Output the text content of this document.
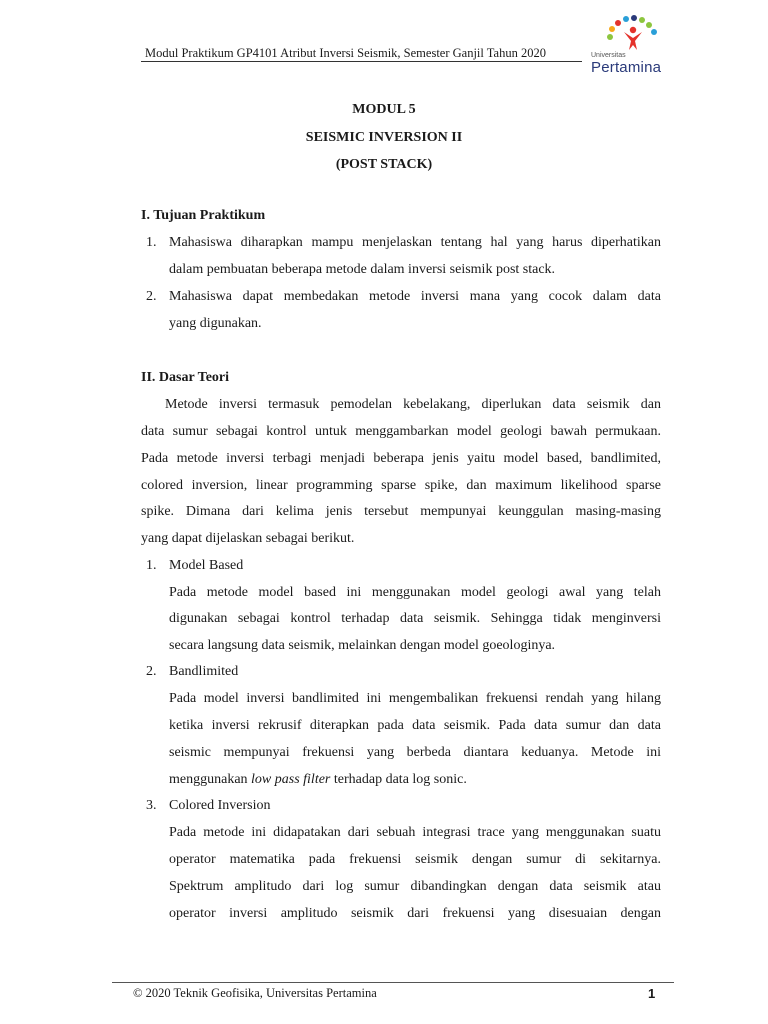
Modul Praktikum GP4101 Atribut Inversi Seismik, Semester Ganjil Tahun 2020	Universitas
Pertamina
MODUL 5
SEISMIC INVERSION II
(POST STACK)
I. Tujuan Praktikum
1. Mahasiswa diharapkan mampu menjelaskan tentang hal yang harus diperhatikan
dalam pembuatan beberapa metode dalam inversi seismik post stack.
2. Mahasiswa dapat membedakan metode inversi mana yang cocok dalam data
yang digunakan.
II. Dasar Teori
Metode inversi termasuk pemodelan kebelakang, diperlukan data seismik dan
data sumur sebagai kontrol untuk menggambarkan model geologi bawah permukaan.
Pada metode inversi terbagi menjadi beberapa jenis yaitu model based, bandlimited,
colored inversion, linear programming sparse spike, dan maximum likelihood sparse
spike. Dimana dari kelima jenis tersebut mempunyai keunggulan masing-masing
yang dapat dijelaskan sebagai berikut.
1. Model Based
Pada metode model based ini menggunakan model geologi awal yang telah
digunakan sebagai kontrol terhadap data seismik. Sehingga tidak menginversi
secara langsung data seismik, melainkan dengan model goeologinya.
2. Bandlimited
Pada model inversi bandlimited ini mengembalikan frekuensi rendah yang hilang
ketika inversi rekrusif diterapkan pada data seismik. Pada data sumur dan data
seismic mempunyai frekuensi yang berbeda diantara keduanya. Metode ini
menggunakan low pass filter terhadap data log sonic.
3. Colored Inversion
Pada metode ini didapatakan dari sebuah integrasi trace yang menggunakan suatu
operator matematika pada frekuensi seismik dengan sumur di sekitarnya.
Spektrum amplitudo dari log sumur dibandingkan dengan data seismik atau
operator inversi amplitudo seismik dari frekuensi yang disesuaian dengan
© 2020 Teknik Geofisika, Universitas Pertamina	1
